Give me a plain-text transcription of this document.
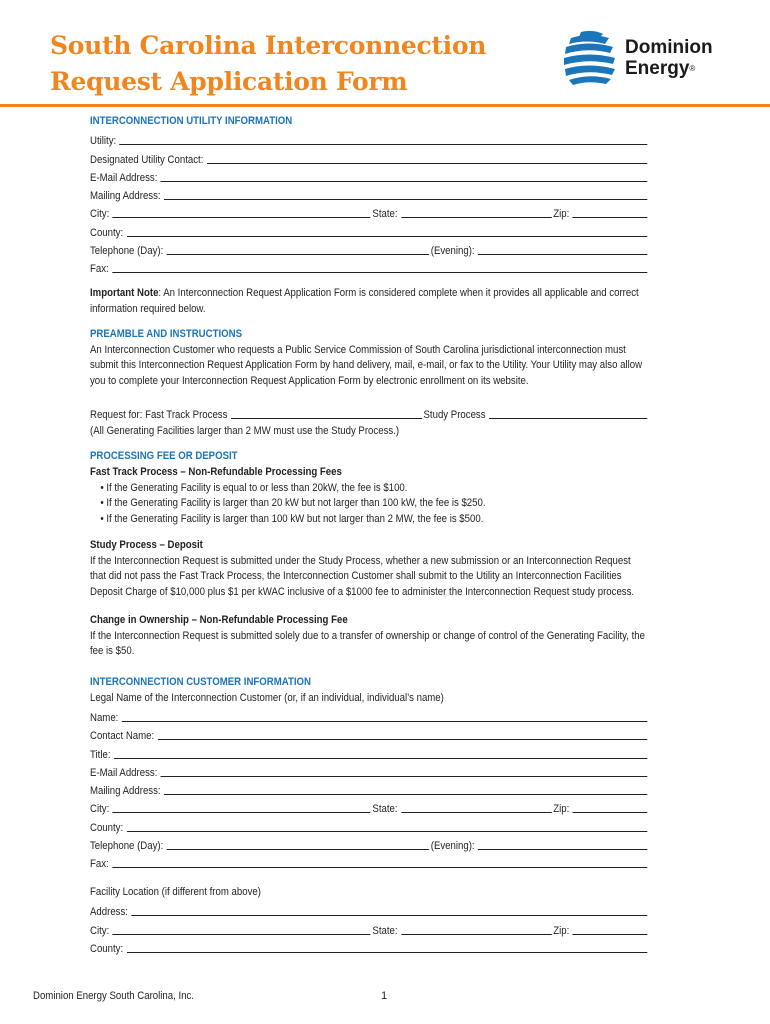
South Carolina Interconnection
Request Application Form
Dominion
Energy®

INTERCONNECTION UTILITY INFORMATION

Utility:
Designated Utility Contact:
E-Mail Address:
Mailing Address:
City:	State:	Zip:
County:
Telephone (Day):	(Evening):
Fax:

Important Note: An Interconnection Request Application Form is considered complete when it provides all applicable and correct information required below.

PREAMBLE AND INSTRUCTIONS

An Interconnection Customer who requests a Public Service Commission of South Carolina jurisdictional interconnection must submit this Interconnection Request Application Form by hand delivery, mail, e-mail, or fax to the Utility. Your Utility may also allow you to complete your Interconnection Request Application Form by electronic enrollment on its website.

Request for: Fast Track Process	Study Process

(All Generating Facilities larger than 2 MW must use the Study Process.)

PROCESSING FEE OR DEPOSIT

Fast Track Process – Non-Refundable Processing Fees

• If the Generating Facility is equal to or less than 20kW, the fee is $100.
• If the Generating Facility is larger than 20 kW but not larger than 100 kW, the fee is $250.
• If the Generating Facility is larger than 100 kW but not larger than 2 MW, the fee is $500.

Study Process – Deposit

If the Interconnection Request is submitted under the Study Process, whether a new submission or an Interconnection Request that did not pass the Fast Track Process, the Interconnection Customer shall submit to the Utility an Interconnection Facilities Deposit Charge of $10,000 plus $1 per kWAC inclusive of a $1000 fee to administer the Interconnection Request study process.

Change in Ownership – Non-Refundable Processing Fee

If the Interconnection Request is submitted solely due to a transfer of ownership or change of control of the Generating Facility, the fee is $50.

INTERCONNECTION CUSTOMER INFORMATION

Legal Name of the Interconnection Customer (or, if an individual, individual’s name)

Name:
Contact Name:
Title:
E-Mail Address:
Mailing Address:
City:	State:	Zip:
County:
Telephone (Day):	(Evening):
Fax:

Facility Location (if different from above)

Address:
City:	State:	Zip:
County:
Dominion Energy South Carolina, Inc.	1
